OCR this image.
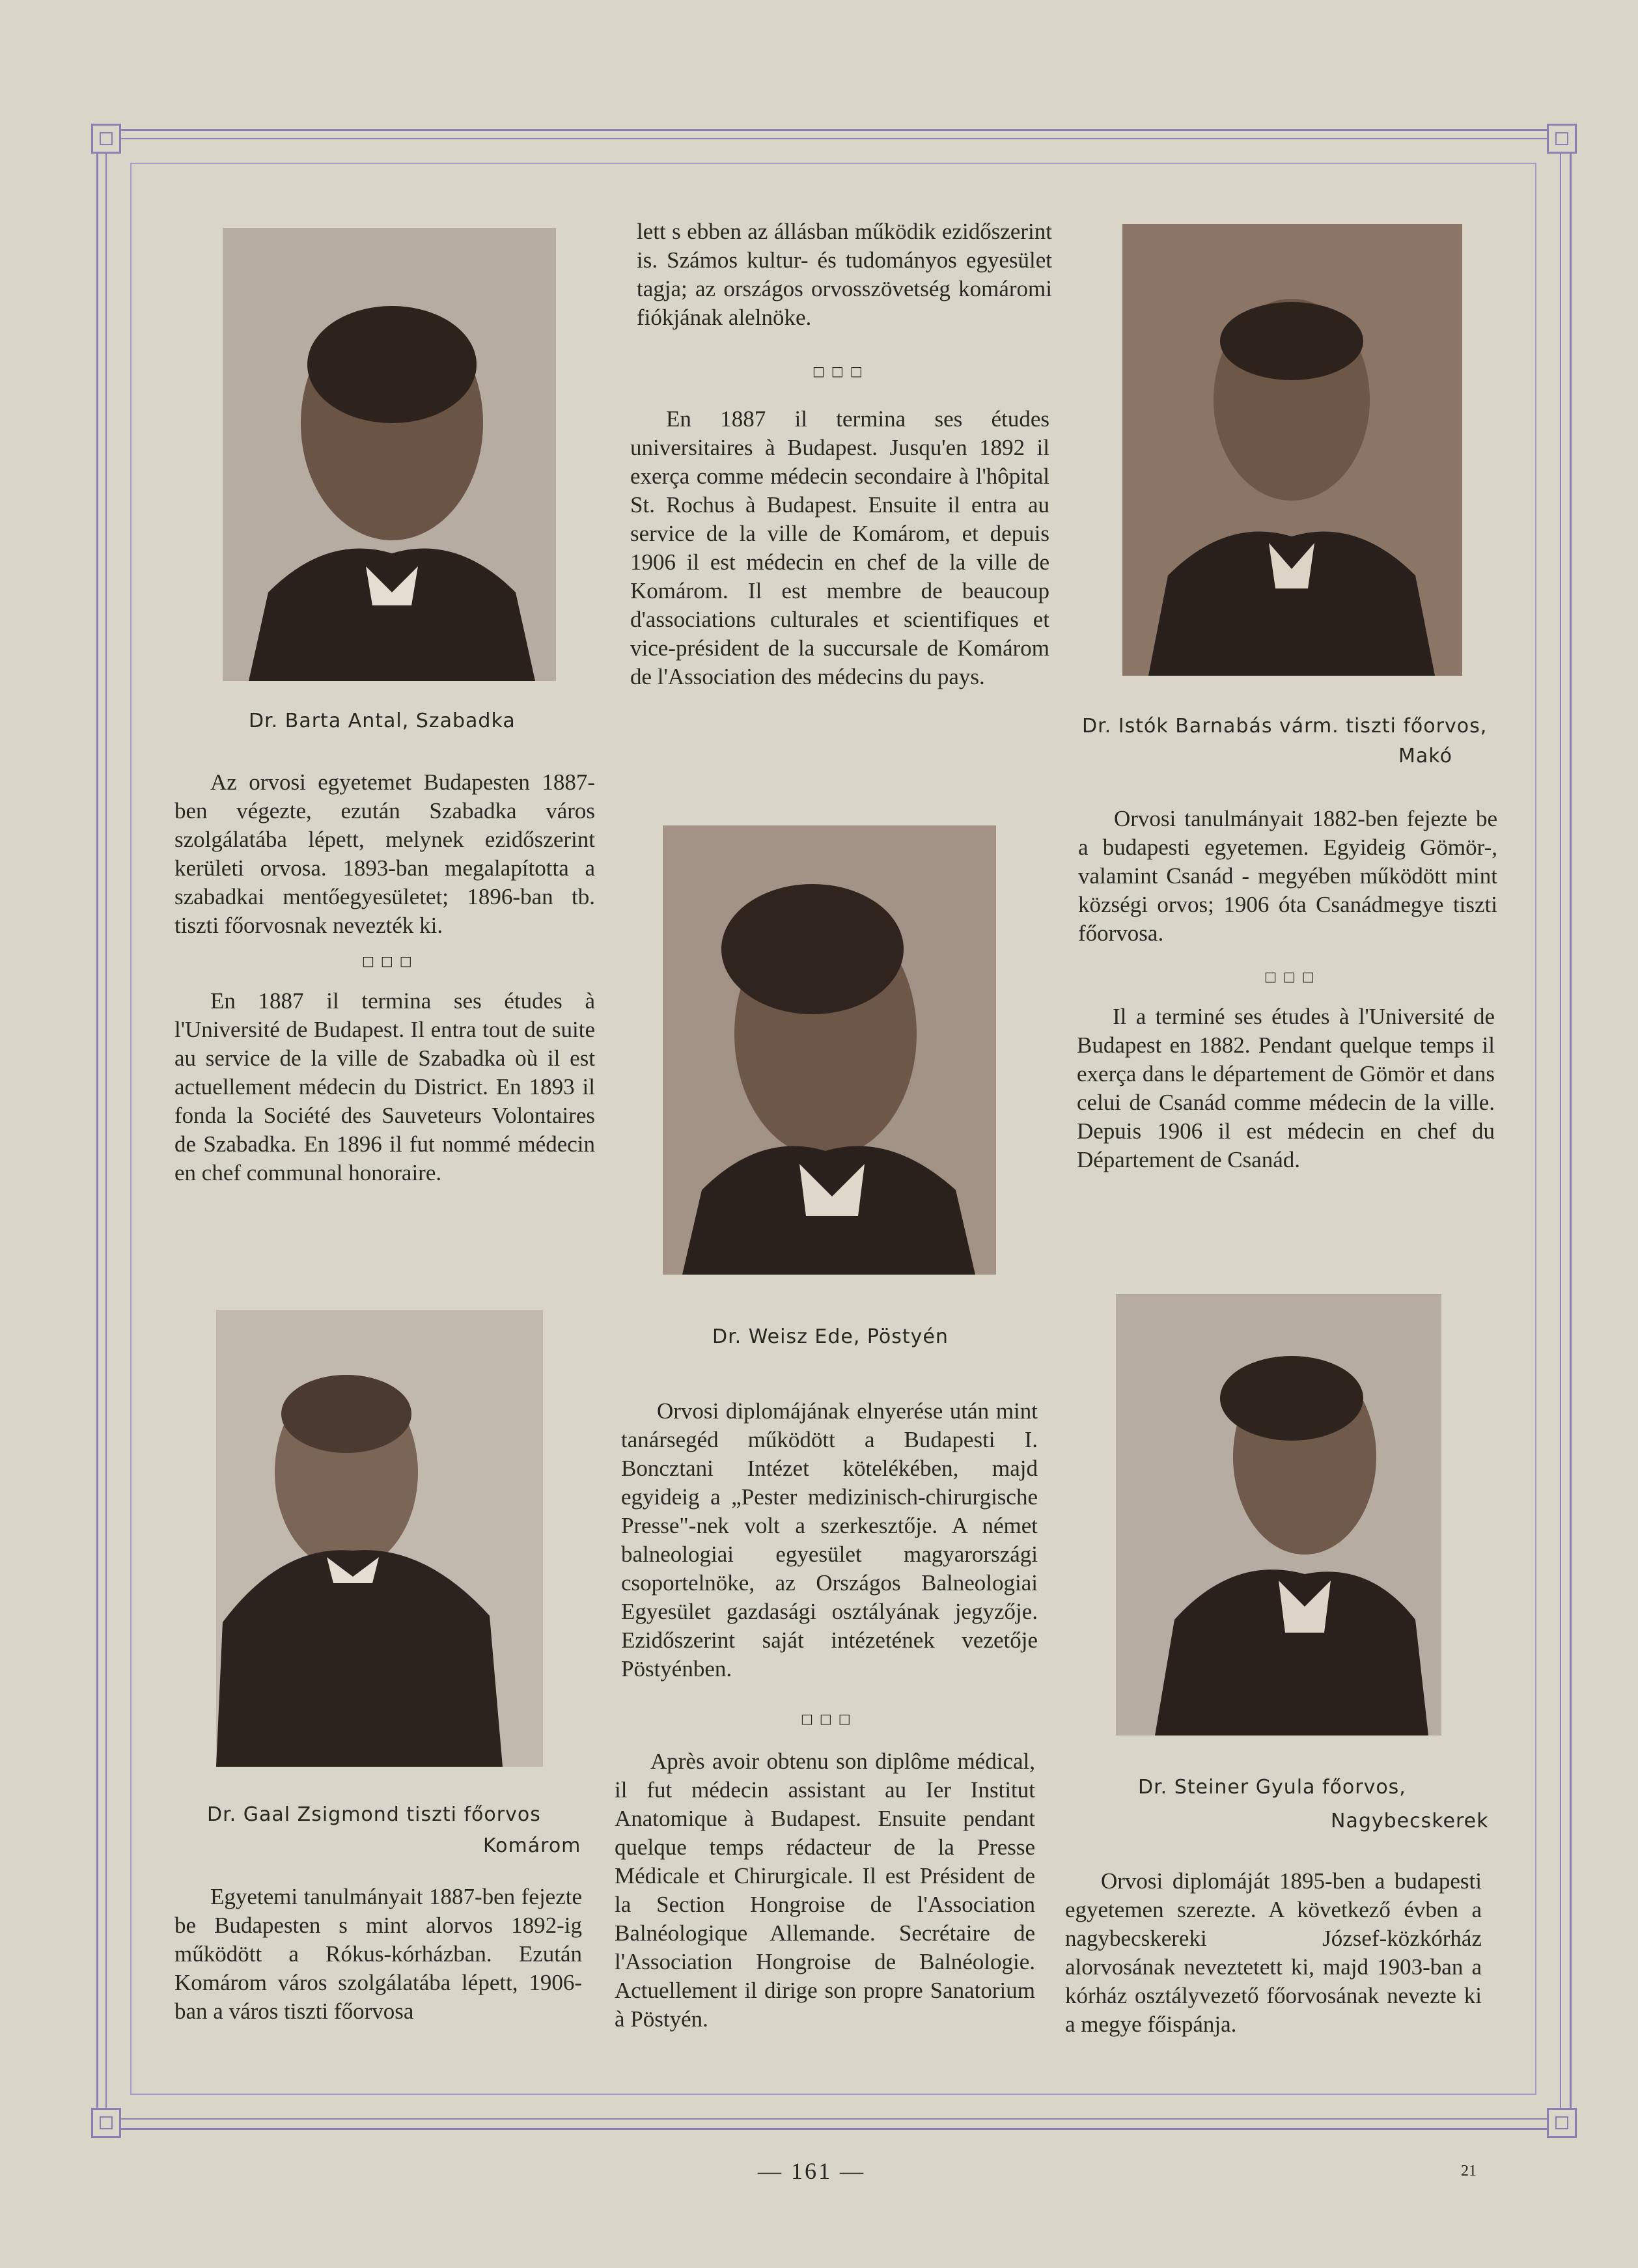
Dr. Barta Antal, Szabadka	Dr. Istók Barnabás várm. tiszti főorvos,
Makó
Dr. Weisz Ede, Pöstyén
Dr. Gaal Zsigmond tiszti főorvos
Komárom
Dr. Steiner Gyula főorvos,
Nagybecskerek

Az orvosi egyetemet Budapesten 1887-ben végezte, ezután Szabadka város szolgálatába lépett, melynek ezidőszerint kerületi orvosa. 1893-ban megalapította a szabadkai mentőegyesületet; 1896-ban tb. tiszti főorvosnak nevezték ki.

□□□

En 1887 il termina ses études à l'Université de Budapest. Il entra tout de suite au service de la ville de Szabadka où il est actuellement médecin du District. En 1893 il fonda la Société des Sauveteurs Volontaires de Szabadka. En 1896 il fut nommé médecin en chef communal honoraire.

Egyetemi tanulmányait 1887-ben fejezte be Budapesten s mint alorvos 1892-ig működött a Rókus-kórházban. Ezután Komárom város szolgálatába lépett, 1906-ban a város tiszti főorvosa

lett s ebben az állásban működik ezidőszerint is. Számos kultur- és tudományos egyesület tagja; az országos orvosszövetség komáromi fiókjának alelnöke.

□□□

En 1887 il termina ses études universitaires à Budapest. Jusqu'en 1892 il exerça comme médecin secondaire à l'hôpital St. Rochus à Budapest. Ensuite il entra au service de la ville de Komárom, et depuis 1906 il est médecin en chef de la ville de Komárom. Il est membre de beaucoup d'associations culturales et scientifiques et vice-président de la succursale de Komárom de l'Association des médecins du pays.

Orvosi diplomájának elnyerése után mint tanársegéd működött a Budapesti I. Boncztani Intézet kötelékében, majd egyideig a „Pester medizinisch-chirurgische Presse"-nek volt a szerkesztője. A német balneologiai egyesület magyarországi csoportelnöke, az Országos Balneologiai Egyesület gazdasági osztályának jegyzője. Ezidőszerint saját intézetének vezetője Pöstyénben.

□□□

Après avoir obtenu son diplôme médical, il fut médecin assistant au Ier Institut Anatomique à Budapest. Ensuite pendant quelque temps rédacteur de la Presse Médicale et Chirurgicale. Il est Président de la Section Hongroise de l'Association Balnéologique Allemande. Secrétaire de l'Association Hongroise de Balnéologie. Actuellement il dirige son propre Sanatorium à Pöstyén.

Orvosi tanulmányait 1882-ben fejezte be a budapesti egyetemen. Egyideig Gömör-, valamint Csanád - megyében működött mint községi orvos; 1906 óta Csanádmegye tiszti főorvosa.

□□□

Il a terminé ses études à l'Université de Budapest en 1882. Pendant quelque temps il exerça dans le département de Gömör et dans celui de Csanád comme médecin de la ville. Depuis 1906 il est médecin en chef du Département de Csanád.

Orvosi diplomáját 1895-ben a budapesti egyetemen szerezte. A következő évben a nagybecskereki József-közkórház alorvosának neveztetett ki, majd 1903-ban a kórház osztályvezető főorvosának nevezte ki a megye főispánja.

— 161 —	21
